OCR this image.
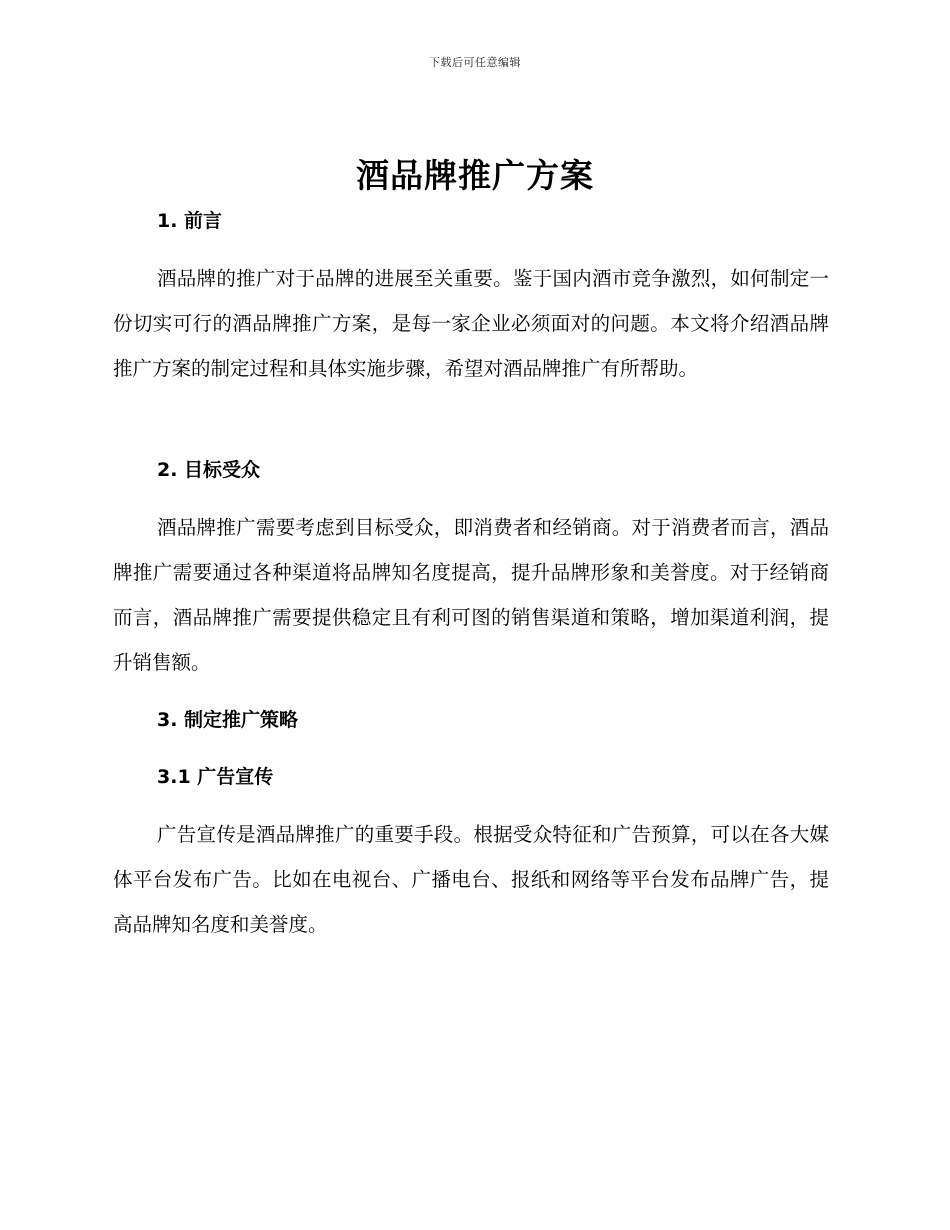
下载后可任意编辑
酒品牌推广方案
1. 前言

酒品牌的推广对于品牌的进展至关重要。鉴于国内酒市竞争激烈，如何制定一份切实可行的酒品牌推广方案，是每一家企业必须面对的问题。本文将介绍酒品牌推广方案的制定过程和具体实施步骤，希望对酒品牌推广有所帮助。

2. 目标受众

酒品牌推广需要考虑到目标受众，即消费者和经销商。对于消费者而言，酒品牌推广需要通过各种渠道将品牌知名度提高，提升品牌形象和美誉度。对于经销商而言，酒品牌推广需要提供稳定且有利可图的销售渠道和策略，增加渠道利润，提升销售额。

3. 制定推广策略
3.1 广告宣传

广告宣传是酒品牌推广的重要手段。根据受众特征和广告预算，可以在各大媒体平台发布广告。比如在电视台、广播电台、报纸和网络等平台发布品牌广告，提高品牌知名度和美誉度。
